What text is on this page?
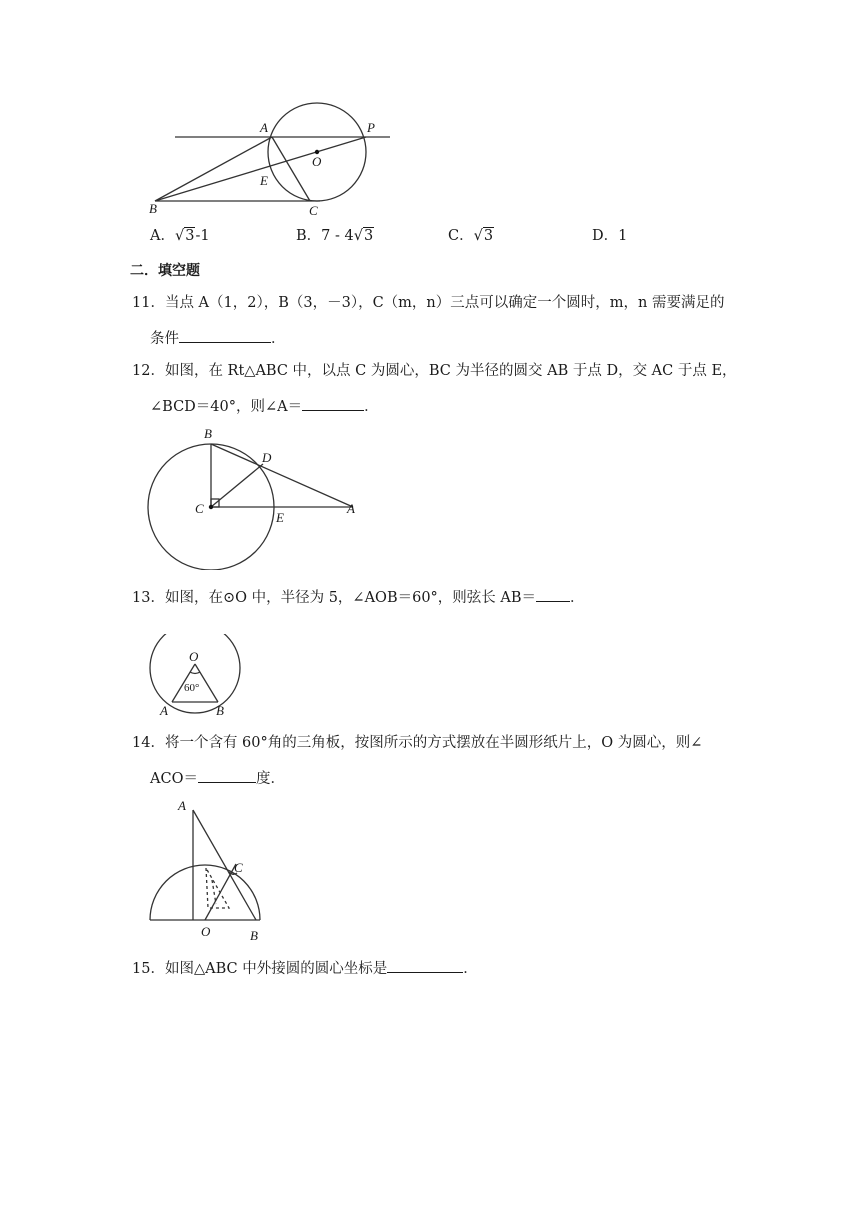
A	P
O
E
B	C
A．√3-1	B．7 - 4√3	C．√3	D．1
二．填空题
11．当点 A（1，2），B（3，－3），C（m，n）三点可以确定一个圆时，m，n 需要满足的
条件	．
12．如图，在 Rt△ABC 中，以点 C 为圆心，BC 为半径的圆交 AB 于点 D，交 AC 于点 E，
∠BCD＝40°，则∠A＝	．
B
D
C
E
A
13．如图，在⊙O 中，半径为 5，∠AOB＝60°，则弦长 AB＝ ．
O
60°
A	B
14．将一个含有 60°角的三角板，按图所示的方式摆放在半圆形纸片上，O 为圆心，则∠
ACO＝	度．
A
C
O	B
15．如图△ABC 中外接圆的圆心坐标是	．
